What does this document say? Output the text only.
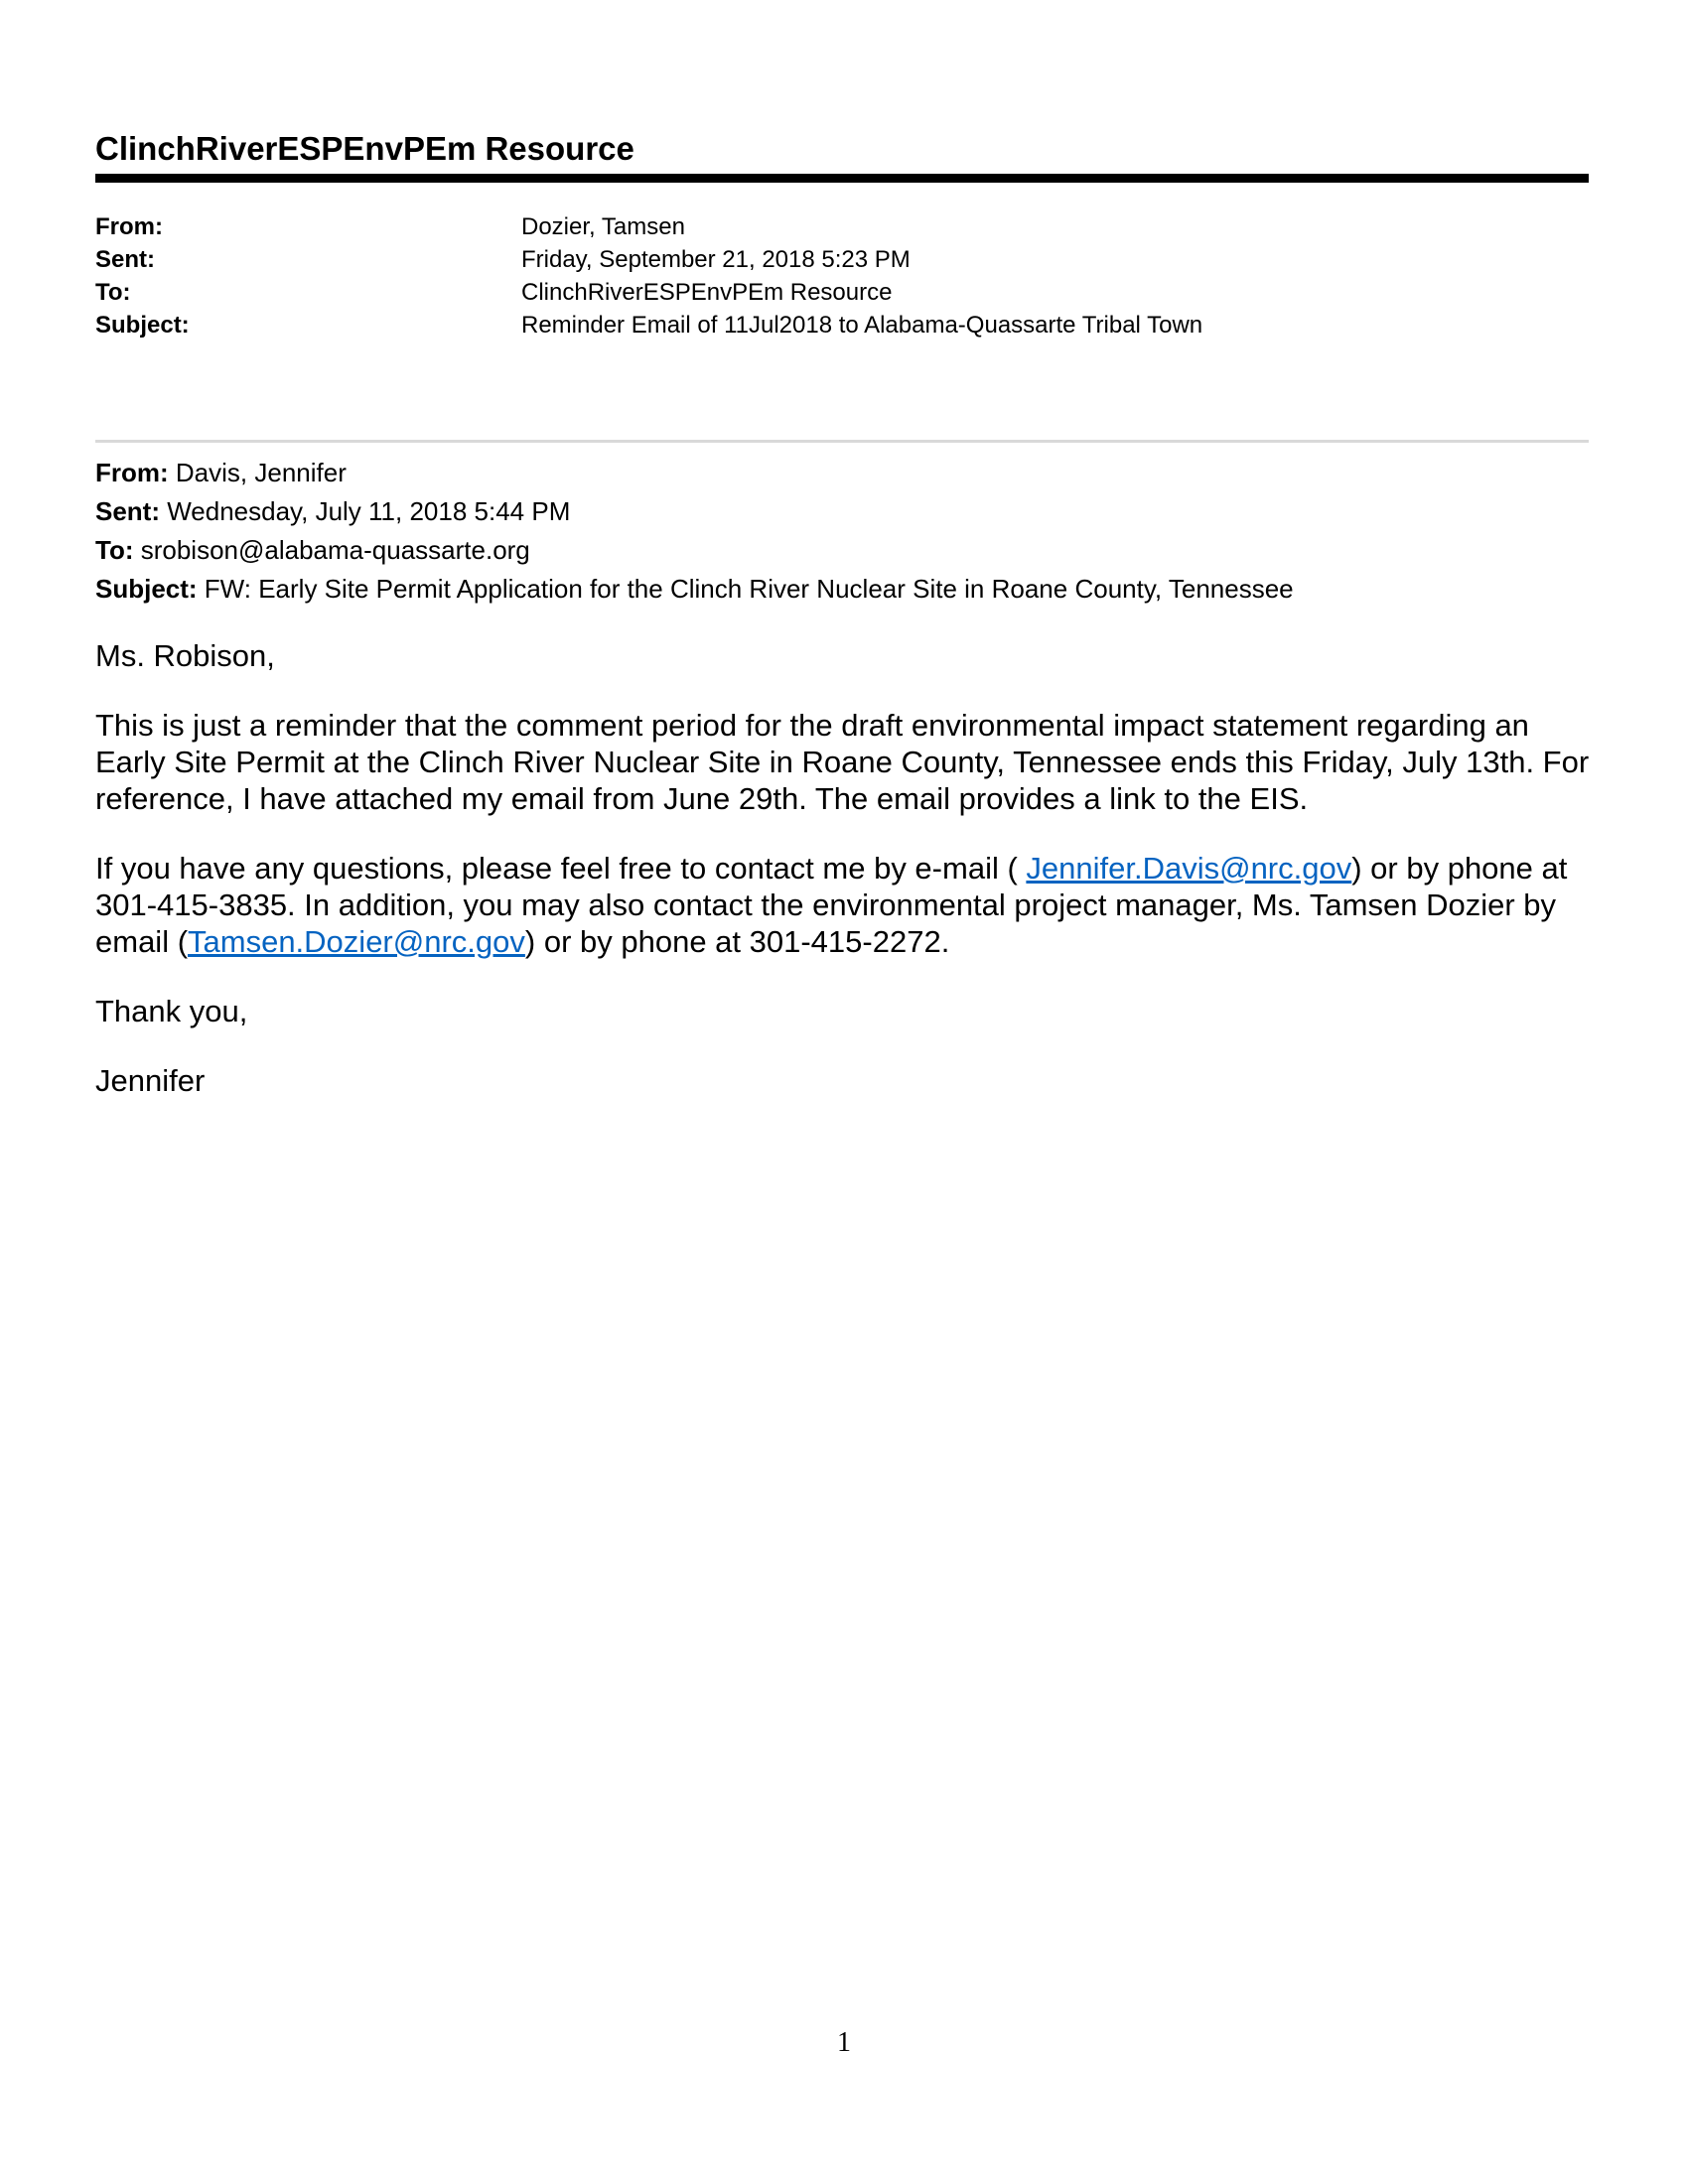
ClinchRiverESPEnvPEm Resource
From:	Dozier, Tamsen
Sent:	Friday, September 21, 2018 5:23 PM
To:	ClinchRiverESPEnvPEm Resource
Subject:	Reminder Email of 11Jul2018 to Alabama-Quassarte Tribal Town
From: Davis, Jennifer
Sent: Wednesday, July 11, 2018 5:44 PM
To: srobison@alabama-quassarte.org
Subject: FW: Early Site Permit Application for the Clinch River Nuclear Site in Roane County, Tennessee

Ms. Robison,

This is just a reminder that the comment period for the draft environmental impact statement regarding an Early Site Permit at the Clinch River Nuclear Site in Roane County, Tennessee ends this Friday, July 13th. For reference, I have attached my email from June 29th. The email provides a link to the EIS.

If you have any questions, please feel free to contact me by e-mail ( Jennifer.Davis@nrc.gov) or by phone at 301-415-3835. In addition, you may also contact the environmental project manager, Ms. Tamsen Dozier by email (Tamsen.Dozier@nrc.gov) or by phone at 301-415-2272.

Thank you,

Jennifer

1
